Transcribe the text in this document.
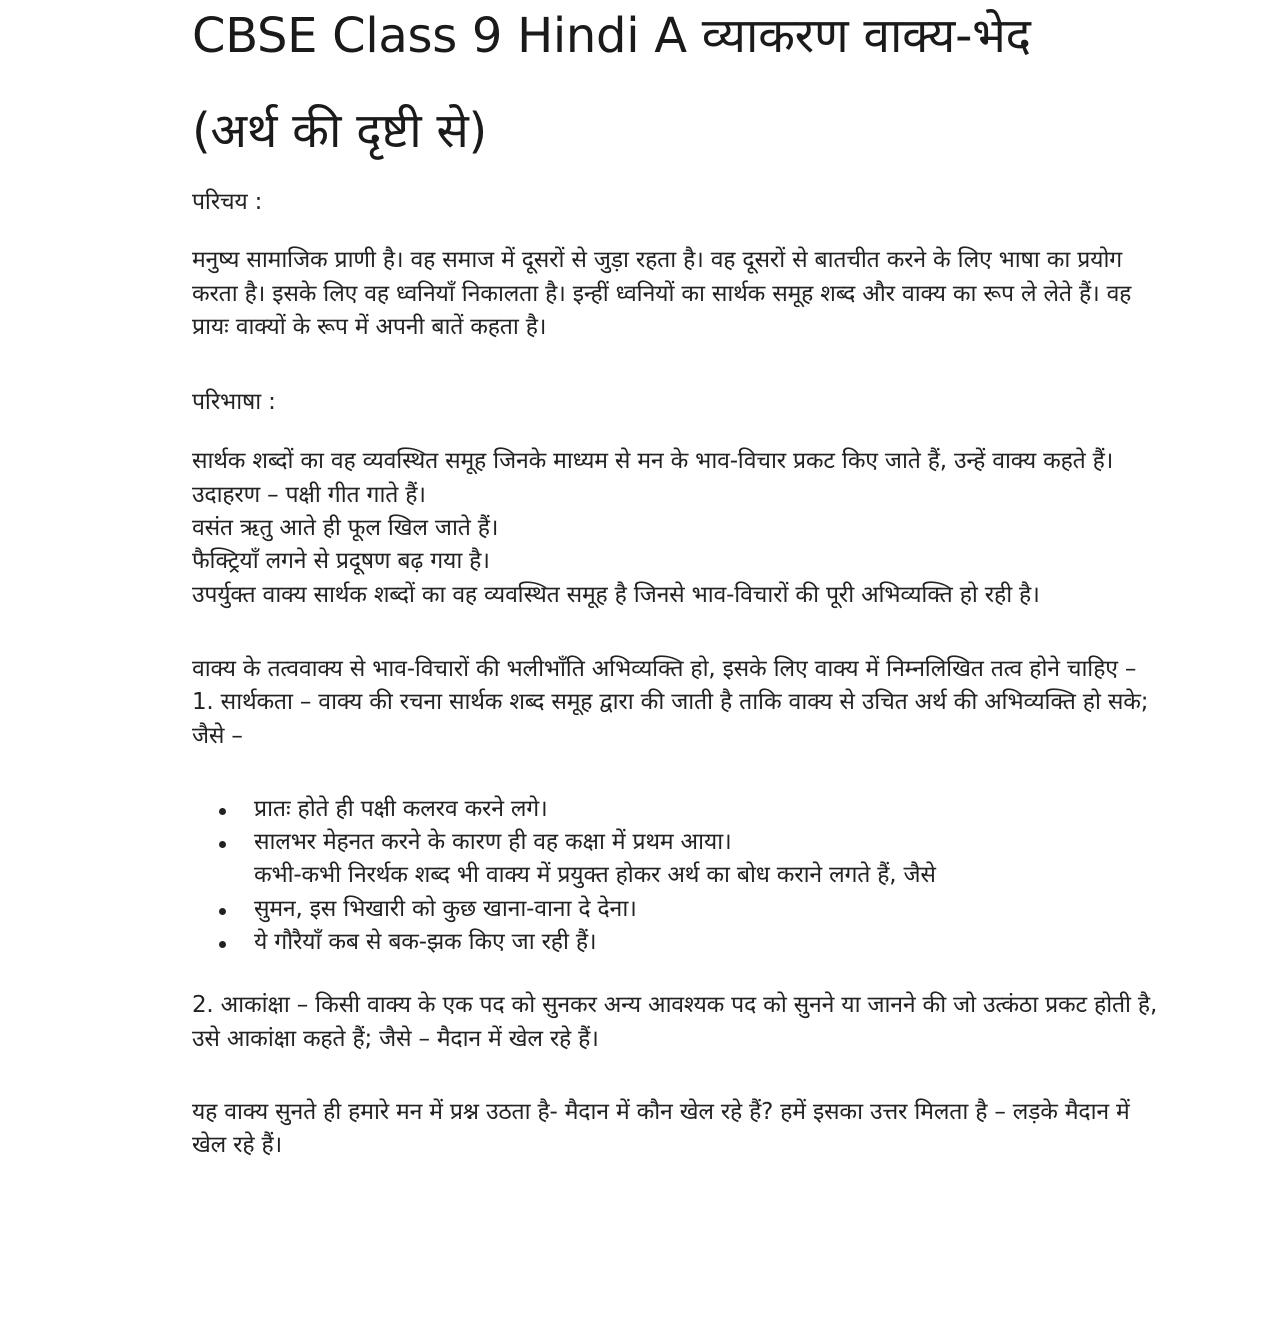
CBSE Class 9 Hindi A व्याकरण वाक्य-भेद
(अर्थ की दृष्टी से)

परिचय :

मनुष्य सामाजिक प्राणी है। वह समाज में दूसरों से जुड़ा रहता है। वह दूसरों से बातचीत करने के लिए भाषा का प्रयोग करता है। इसके लिए वह ध्वनियाँ निकालता है। इन्हीं ध्वनियों का सार्थक समूह शब्द और वाक्य का रूप ले लेते हैं। वह प्रायः वाक्यों के रूप में अपनी बातें कहता है।

परिभाषा :

सार्थक शब्दों का वह व्यवस्थित समूह जिनके माध्यम से मन के भाव-विचार प्रकट किए जाते हैं, उन्हें वाक्य कहते हैं।

उदाहरण – पक्षी गीत गाते हैं।

वसंत ऋतु आते ही फूल खिल जाते हैं।

फैक्ट्रियाँ लगने से प्रदूषण बढ़ गया है।

उपर्युक्त वाक्य सार्थक शब्दों का वह व्यवस्थित समूह है जिनसे भाव-विचारों की पूरी अभिव्यक्ति हो रही है।

वाक्य के तत्ववाक्य से भाव-विचारों की भलीभाँति अभिव्यक्ति हो, इसके लिए वाक्य में निम्नलिखित तत्व होने चाहिए –

1. सार्थकता – वाक्य की रचना सार्थक शब्द समूह द्वारा की जाती है ताकि वाक्य से उचित अर्थ की अभिव्यक्ति हो सके; जैसे –

प्रातः होते ही पक्षी कलरव करने लगे।
सालभर मेहनत करने के कारण ही वह कक्षा में प्रथम आया।
कभी-कभी निरर्थक शब्द भी वाक्य में प्रयुक्त होकर अर्थ का बोध कराने लगते हैं, जैसे
सुमन, इस भिखारी को कुछ खाना-वाना दे देना।
ये गौरैयाँ कब से बक-झक किए जा रही हैं।

2. आकांक्षा – किसी वाक्य के एक पद को सुनकर अन्य आवश्यक पद को सुनने या जानने की जो उत्कंठा प्रकट होती है, उसे आकांक्षा कहते हैं; जैसे – मैदान में खेल रहे हैं।

यह वाक्य सुनते ही हमारे मन में प्रश्न उठता है- मैदान में कौन खेल रहे हैं? हमें इसका उत्तर मिलता है – लड़के मैदान में खेल रहे हैं।
